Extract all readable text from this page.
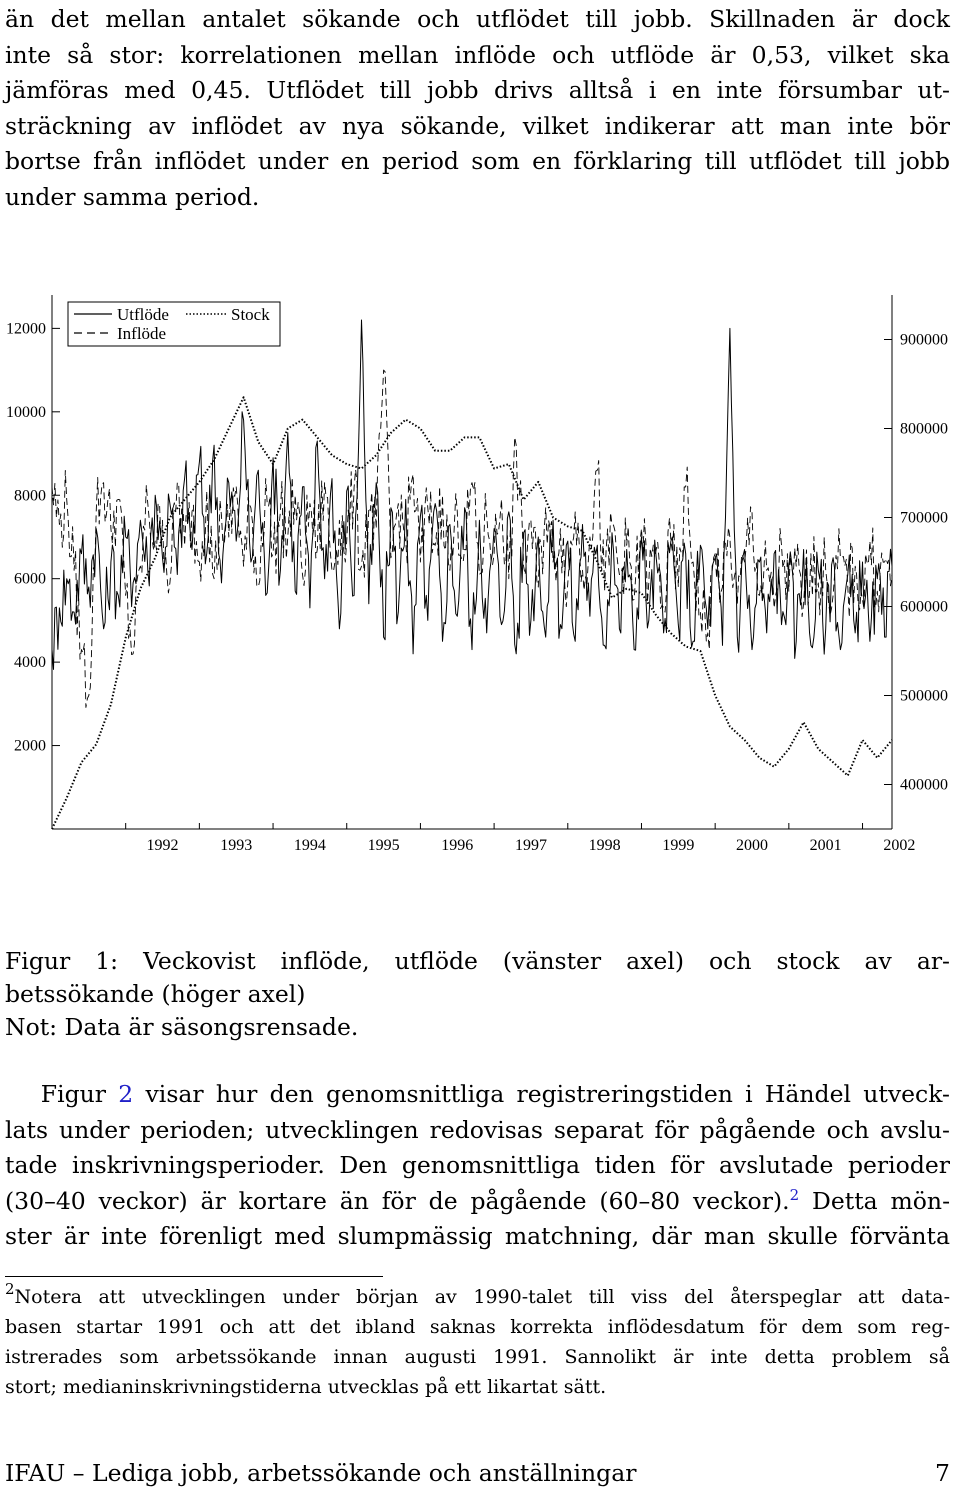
än det mellan antalet sökande och utflödet till jobb. Skillnaden är dock
inte så stor: korrelationen mellan inflöde och utflöde är 0,53, vilket ska
jämföras med 0,45. Utflödet till jobb drivs alltså i en inte försumbar ut-
sträckning av inflödet av nya sökande, vilket indikerar att man inte bör
bortse från inflödet under en period som en förklaring till utflödet till jobb
under samma period.
2000
4000
6000
8000
10000
12000
400000
500000
600000
700000
800000
900000
1992	1993	1994	1995	1996	1997	1998	1999	2000	2001	2002
Utflöde	Stock
Inflöde
Figur 1: Veckovist inflöde, utflöde (vänster axel) och stock av ar-
betssökande (höger axel)
Not: Data är säsongsrensade.
  Figur 2 visar hur den genomsnittliga registreringstiden i Händel utveck-
lats under perioden; utvecklingen redovisas separat för pågående och avslu-
tade inskrivningsperioder. Den genomsnittliga tiden för avslutade perioder
(30–40 veckor) är kortare än för de pågående (60–80 veckor).$^2$ Detta mön-
ster är inte förenligt med slumpmässig matchning, där man skulle förvänta
$^2$Notera att utvecklingen under början av 1990-talet till viss del återspeglar att data-
basen startar 1991 och att det ibland saknas korrekta inflödesdatum för dem som reg-
istrerades som arbetssökande innan augusti 1991. Sannolikt är inte detta problem så
stort; medianinskrivningstiderna utvecklas på ett likartat sätt.
IFAU – Lediga jobb, arbetssökande och anställningar	7
